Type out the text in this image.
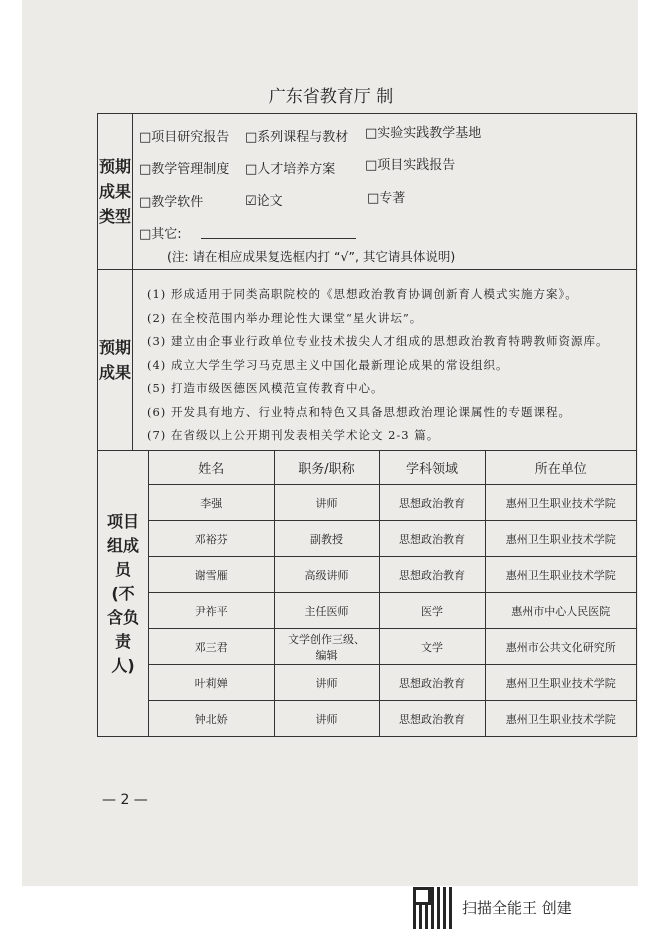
广东省教育厅 制
预期成果类型
□项目研究报告 □系列课程与教材 □实验实践教学基地
□教学管理制度 □人才培养方案 □项目实践报告
□教学软件	☑论文	□专著
□其它:
(注: 请在相应成果复选框内打 “√”, 其它请具体说明)
预期成果
(1) 形成适用于同类高职院校的《思想政治教育协调创新育人模式实施方案》。
(2) 在全校范围内举办理论性大课堂“星火讲坛”。
(3) 建立由企事业行政单位专业技术拔尖人才组成的思想政治教育特聘教师资源库。
(4) 成立大学生学习马克思主义中国化最新理论成果的常设组织。
(5) 打造市级医德医风模范宣传教育中心。
(6) 开发具有地方、行业特点和特色又具备思想政治理论课属性的专题课程。
(7) 在省级以上公开期刊发表相关学术论文 2-3 篇。
项目组成员(不含负责人)
姓名	职务/职称	学科领域	所在单位
李强	讲师	思想政治教育	惠州卫生职业技术学院
邓裕芬	副教授	思想政治教育	惠州卫生职业技术学院
谢雪雁	高级讲师	思想政治教育	惠州卫生职业技术学院
尹祚平	主任医师	医学	惠州市中心人民医院
邓三君	文学创作三级、编辑	文学	惠州市公共文化研究所
叶莉婵	讲师	思想政治教育	惠州卫生职业技术学院
钟北娇	讲师	思想政治教育	惠州卫生职业技术学院
— 2 —
扫描全能王 创建
